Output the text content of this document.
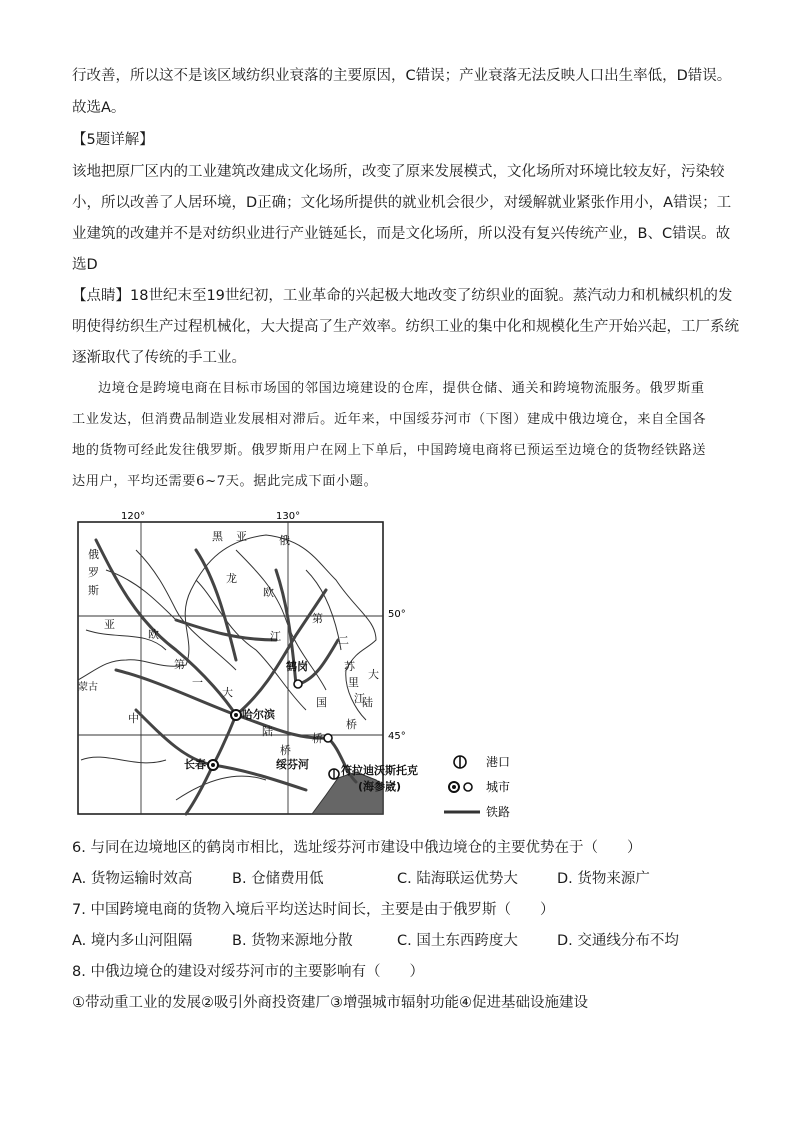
行改善，所以这不是该区域纺织业衰落的主要原因，C错误；产业衰落无法反映人口出生率低，D错误。
故选A。
【5题详解】
该地把原厂区内的工业建筑改建成文化场所，改变了原来发展模式，文化场所对环境比较友好，污染较
小，所以改善了人居环境，D正确；文化场所提供的就业机会很少，对缓解就业紧张作用小，A错误；工
业建筑的改建并不是对纺织业进行产业链延长，而是文化场所，所以没有复兴传统产业，B、C错误。故
选D
【点睛】18世纪末至19世纪初，工业革命的兴起极大地改变了纺织业的面貌。蒸汽动力和机械织机的发
明使得纺织生产过程机械化，大大提高了生产效率。纺织工业的集中化和规模化生产开始兴起，工厂系统
逐渐取代了传统的手工业。
边境仓是跨境电商在目标市场国的邻国边境建设的仓库，提供仓储、通关和跨境物流服务。俄罗斯重
工业发达，但消费品制造业发展相对滞后。近年来，中国绥芬河市（下图）建成中俄边境仓，来自全国各
地的货物可经此发往俄罗斯。俄罗斯用户在网上下单后，中国跨境电商将已预运至边境仓的货物经铁路送
达用户，平均还需要6~7天。据此完成下面小题。
120°	130°
50°
45°
俄
罗
斯
亚
欧
第
一
大
陆
桥
蒙古
中
黑 亚	俄
龙
欧
江
第
二
大
苏
里
江
国	陆
桥
桥
鹤岗
哈尔滨
长春	绥芬河	符拉迪沃斯托克
(海参崴)
港口
城市
铁路
6. 与同在边境地区的鹤岗市相比，选址绥芬河市建设中俄边境仓的主要优势在于（　　）
A. 货物运输时效高	B. 仓储费用低	C. 陆海联运优势大	D. 货物来源广
7. 中国跨境电商的货物入境后平均送达时间长，主要是由于俄罗斯（　　）
A. 境内多山河阻隔	B. 货物来源地分散	C. 国土东西跨度大	D. 交通线分布不均
8. 中俄边境仓的建设对绥芬河市的主要影响有（　　）
①带动重工业的发展②吸引外商投资建厂③增强城市辐射功能④促进基础设施建设
